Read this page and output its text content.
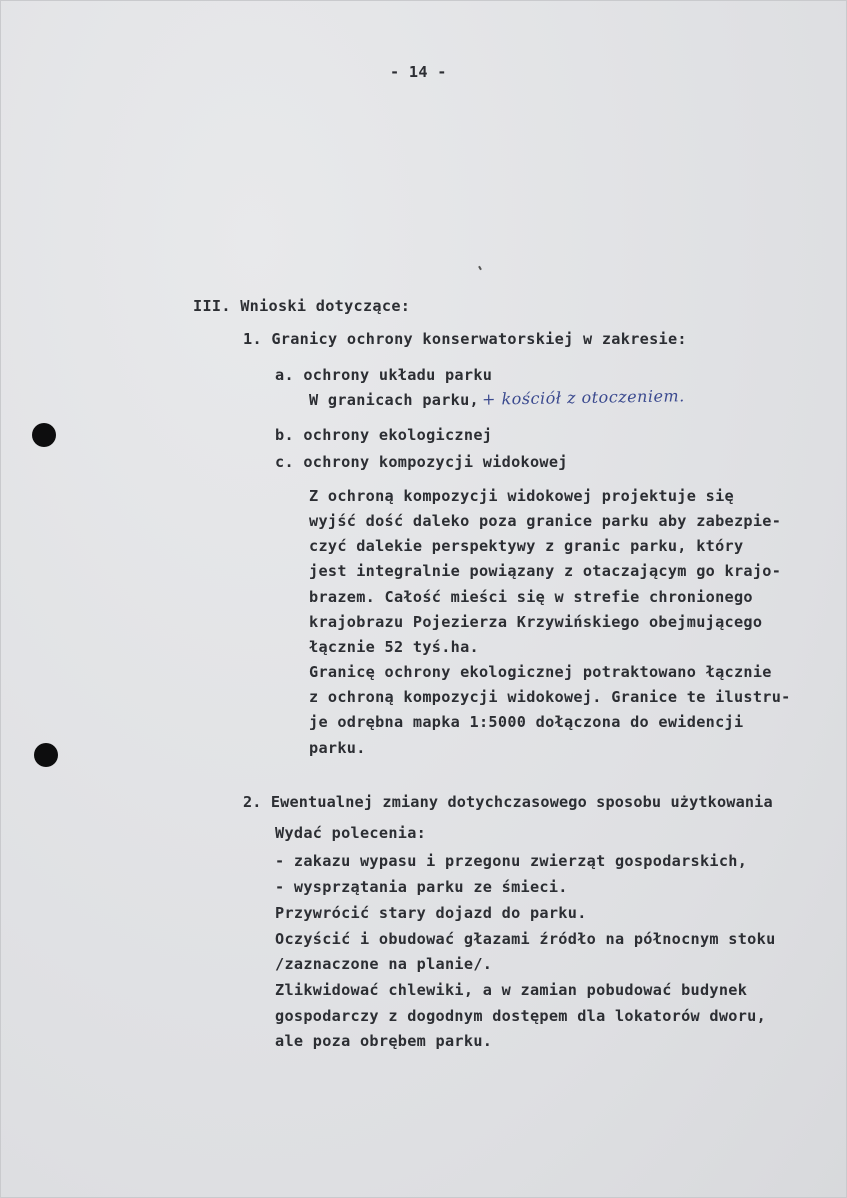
- 14 -
III. Wnioski dotyczące:
1. Granicy ochrony konserwatorskiej w zakresie:
a. ochrony układu parku
W granicach parku, + kościół z otoczeniem.
b. ochrony ekologicznej
c. ochrony kompozycji widokowej
Z ochroną kompozycji widokowej projektuje się
wyjść dość daleko poza granice parku aby zabezpie-
czyć dalekie perspektywy z granic parku, który
jest integralnie powiązany z otaczającym go krajo-
brazem. Całość mieści się w strefie chronionego
krajobrazu Pojezierza Krzywińskiego obejmującego
łącznie 52 tyś.ha.
Granicę ochrony ekologicznej potraktowano łącznie
z ochroną kompozycji widokowej. Granice te ilustru-
je odrębna mapka 1:5000 dołączona do ewidencji
parku.
2. Ewentualnej zmiany dotychczasowego sposobu użytkowania
Wydać polecenia:
- zakazu wypasu i przegonu zwierząt gospodarskich,
- wysprzątania parku ze śmieci.
Przywrócić stary dojazd do parku.
Oczyścić i obudować głazami źródło na północnym stoku
/zaznaczone na planie/.
Zlikwidować chlewiki, a w zamian pobudować budynek
gospodarczy z dogodnym dostępem dla lokatorów dworu,
ale poza obrębem parku.
